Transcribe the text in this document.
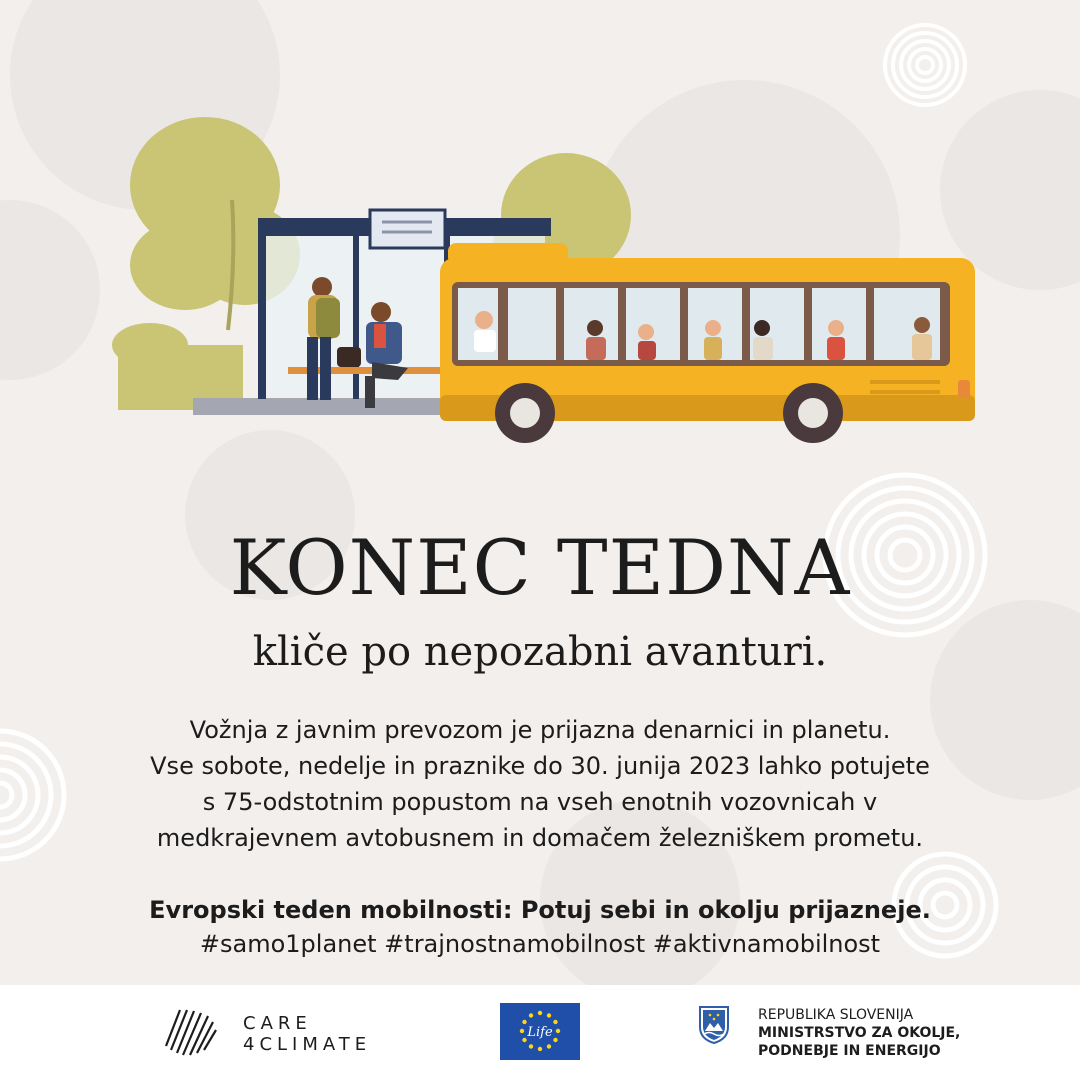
KONEC TEDNA
kliče po nepozabni avanturi.
Vožnja z javnim prevozom je prijazna denarnici in planetu.
Vse sobote, nedelje in praznike do 30. junija 2023 lahko potujete
s 75-odstotnim popustom na vseh enotnih vozovnicah v
medkrajevnem avtobusnem in domačem železniškem prometu.
Evropski teden mobilnosti: Potuj sebi in okolju prijazneje.
#samo1planet #trajnostnamobilnost #aktivnamobilnost
CARE
4CLIMATE
Life
REPUBLIKA SLOVENIJA
MINISTRSTVO ZA OKOLJE,
PODNEBJE IN ENERGIJO
